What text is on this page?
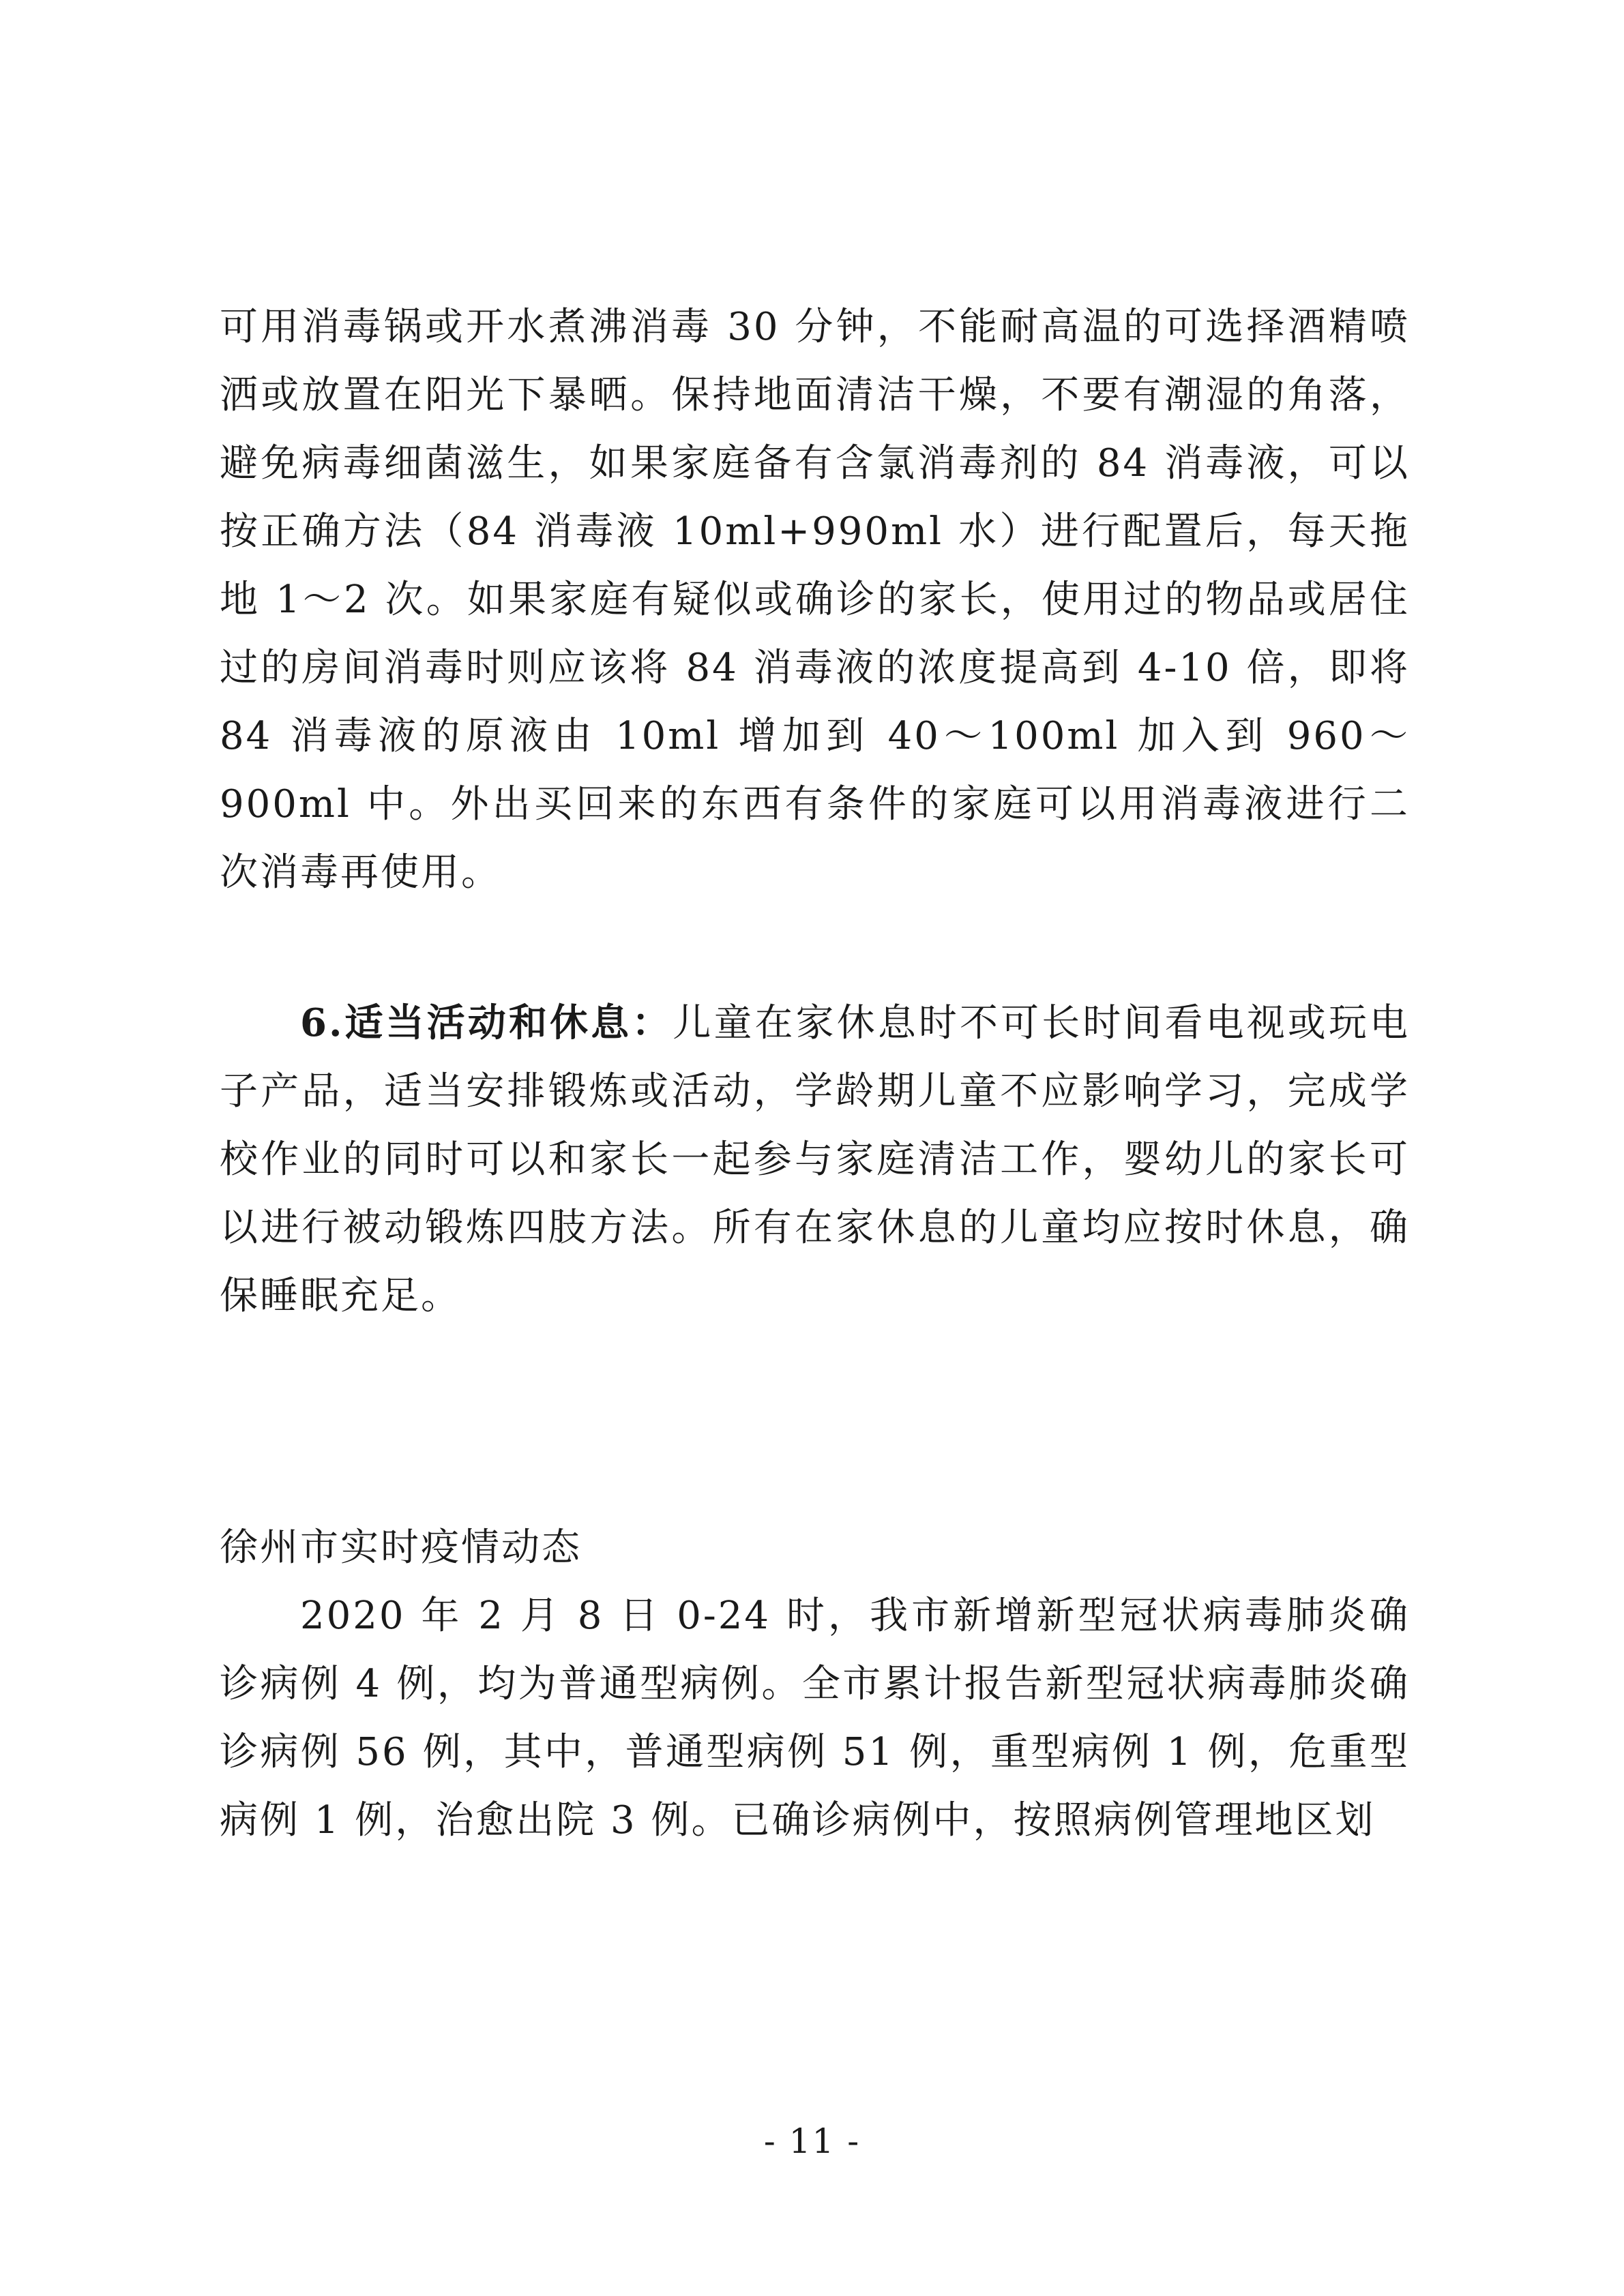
可用消毒锅或开水煮沸消毒 30 分钟，不能耐高温的可选择酒精喷洒或放置在阳光下暴晒。保持地面清洁干燥，不要有潮湿的角落，避免病毒细菌滋生，如果家庭备有含氯消毒剂的 84 消毒液，可以按正确方法（84 消毒液 10ml+990ml 水）进行配置后，每天拖地 1～2 次。如果家庭有疑似或确诊的家长，使用过的物品或居住过的房间消毒时则应该将 84 消毒液的浓度提高到 4-10 倍，即将 84 消毒液的原液由 10ml 增加到 40～100ml 加入到 960～900ml 中。外出买回来的东西有条件的家庭可以用消毒液进行二次消毒再使用。

6.适当活动和休息：儿童在家休息时不可长时间看电视或玩电子产品，适当安排锻炼或活动，学龄期儿童不应影响学习，完成学校作业的同时可以和家长一起参与家庭清洁工作，婴幼儿的家长可以进行被动锻炼四肢方法。所有在家休息的儿童均应按时休息，确保睡眠充足。

徐州市实时疫情动态

2020 年 2 月 8 日 0-24 时，我市新增新型冠状病毒肺炎确诊病例 4 例，均为普通型病例。全市累计报告新型冠状病毒肺炎确诊病例 56 例，其中，普通型病例 51 例，重型病例 1 例，危重型病例 1 例，治愈出院 3 例。已确诊病例中，按照病例管理地区划

- 11 -
